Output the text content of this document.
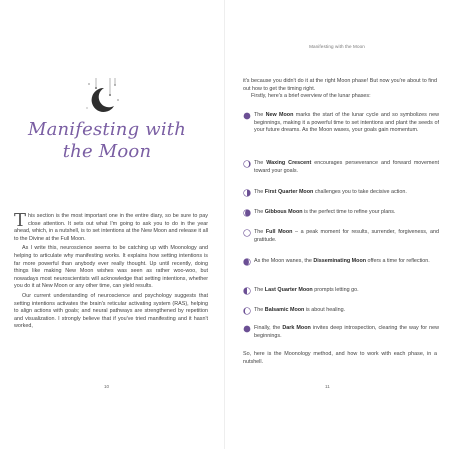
Manifesting with
the Moon

This section is the most important one in the entire diary, so be sure to pay close attention. It sets out what I'm going to ask you to do in the year ahead, which, in a nutshell, is to set intentions at the New Moon and release it all to the Divine at the Full Moon.

As I write this, neuroscience seems to be catching up with Moonology and helping to articulate why manifesting works. It explains how setting intentions is far more powerful than anybody ever really thought. Up until recently, doing things like making New Moon wishes was seen as rather woo-woo, but nowadays most neuroscientists will acknowledge that setting intentions, whether you do it at New Moon or any other time, can yield results.

Our current understanding of neuroscience and psychology suggests that setting intentions activates the brain's reticular activating system (RAS), helping to align actions with goals; and neural pathways are strengthened by repetition and visualization. I strongly believe that if you've tried manifesting and it hasn't worked,

10
Manifesting with the Moon

it's because you didn't do it at the right Moon phase! But now you're about to find out how to get the timing right.

Firstly, here's a brief overview of the lunar phases:

The New Moon marks the start of the lunar cycle and so symbolizes new beginnings, making it a powerful time to set intentions and plant the seeds of your future dreams. As the Moon waxes, your goals gain momentum.
The Waxing Crescent encourages perseverance and forward movement toward your goals.
The First Quarter Moon challenges you to take decisive action.
The Gibbous Moon is the perfect time to refine your plans.
The Full Moon – a peak moment for results, surrender, forgiveness, and gratitude.
As the Moon wanes, the Disseminating Moon offers a time for reflection.
The Last Quarter Moon prompts letting go.
The Balsamic Moon is about healing.
Finally, the Dark Moon invites deep introspection, clearing the way for new beginnings.

So, here is the Moonology method, and how to work with each phase, in a nutshell.

11
